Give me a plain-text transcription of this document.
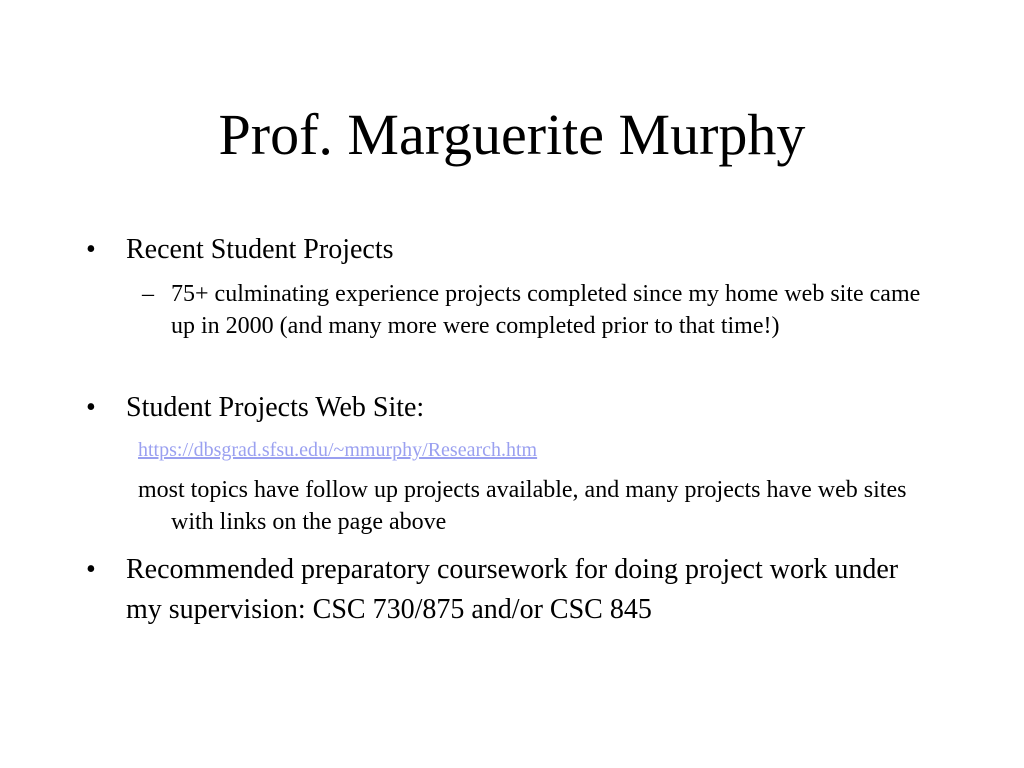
Prof. Marguerite Murphy
• Recent Student Projects
– 75+ culminating experience projects completed since my home web site came up in 2000 (and many more were completed prior to that time!)
• Student Projects Web Site:
https://dbsgrad.sfsu.edu/~mmurphy/Research.htm
most topics have follow up projects available, and many projects have web sites with links on the page above
• Recommended preparatory coursework for doing project work under my supervision: CSC 730/875 and/or CSC 845
